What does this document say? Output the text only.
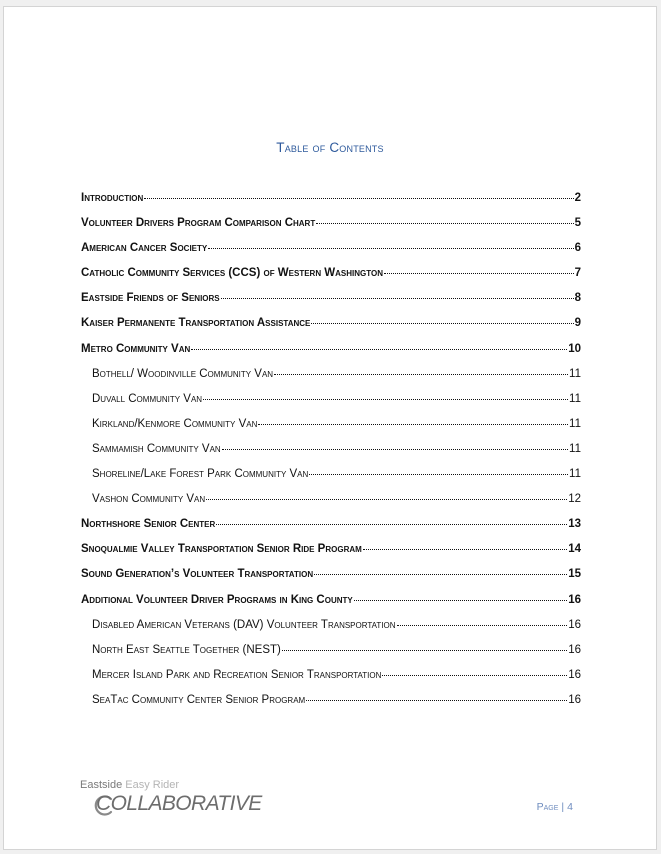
Table of Contents
Introduction	2
Volunteer Drivers Program Comparison Chart	5
American Cancer Society	6
Catholic Community Services (CCS) of Western Washington	7
Eastside Friends of Seniors	8
Kaiser Permanente Transportation Assistance	9
Metro Community Van	10
Bothell/ Woodinville Community Van	11
Duvall Community Van	11
Kirkland/Kenmore Community Van	11
Sammamish Community Van	11
Shoreline/Lake Forest Park Community Van	11
Vashon Community Van	12
Northshore Senior Center	13
Snoqualmie Valley Transportation Senior Ride Program	14
Sound Generation’s Volunteer Transportation	15
Additional Volunteer Driver Programs in King County	16
Disabled American Veterans (DAV) Volunteer Transportation	16
North East Seattle Together (NEST)	16
Mercer Island Park and Recreation Senior Transportation	16
SeaTac Community Center Senior Program	16
Eastside Easy Rider
COLLABORATIVE	Page | 4
